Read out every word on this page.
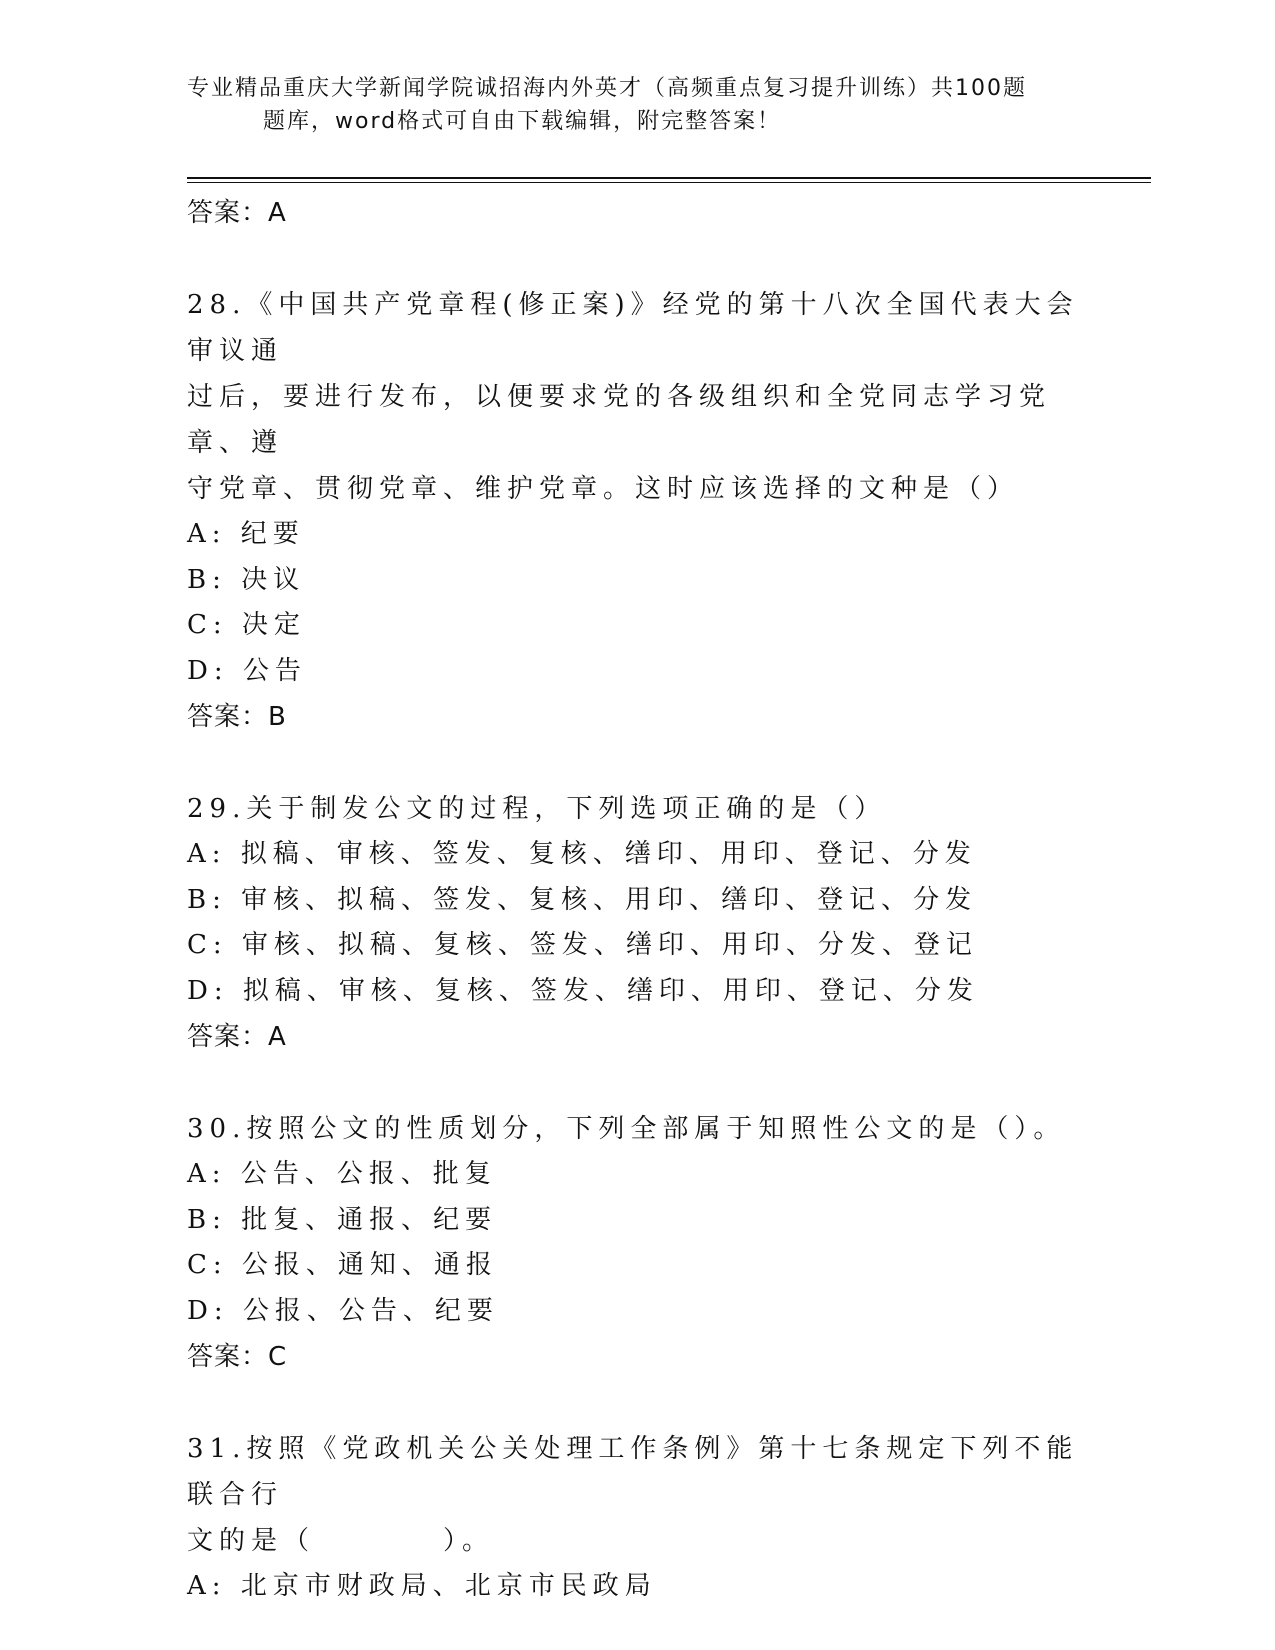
专业精品重庆大学新闻学院诚招海内外英才（高频重点复习提升训练）共100题
题库，word格式可自由下载编辑，附完整答案！
答案：A
28.《中国共产党章程(修正案)》经党的第十八次全国代表大会审议通
过后，要进行发布，以便要求党的各级组织和全党同志学习党章、遵
守党章、贯彻党章、维护党章。这时应该选择的文种是（）
A: 纪要
B: 决议
C: 决定
D: 公告
答案：B
29.关于制发公文的过程，下列选项正确的是（）
A: 拟稿、审核、签发、复核、缮印、用印、登记、分发
B: 审核、拟稿、签发、复核、用印、缮印、登记、分发
C: 审核、拟稿、复核、签发、缮印、用印、分发、登记
D: 拟稿、审核、复核、签发、缮印、用印、登记、分发
答案：A
30.按照公文的性质划分，下列全部属于知照性公文的是（）。
A: 公告、公报、批复
B: 批复、通报、纪要
C: 公报、通知、通报
D: 公报、公告、纪要
答案：C
31.按照《党政机关公关处理工作条例》第十七条规定下列不能联合行
文的是（　　　　）。
A: 北京市财政局、北京市民政局
